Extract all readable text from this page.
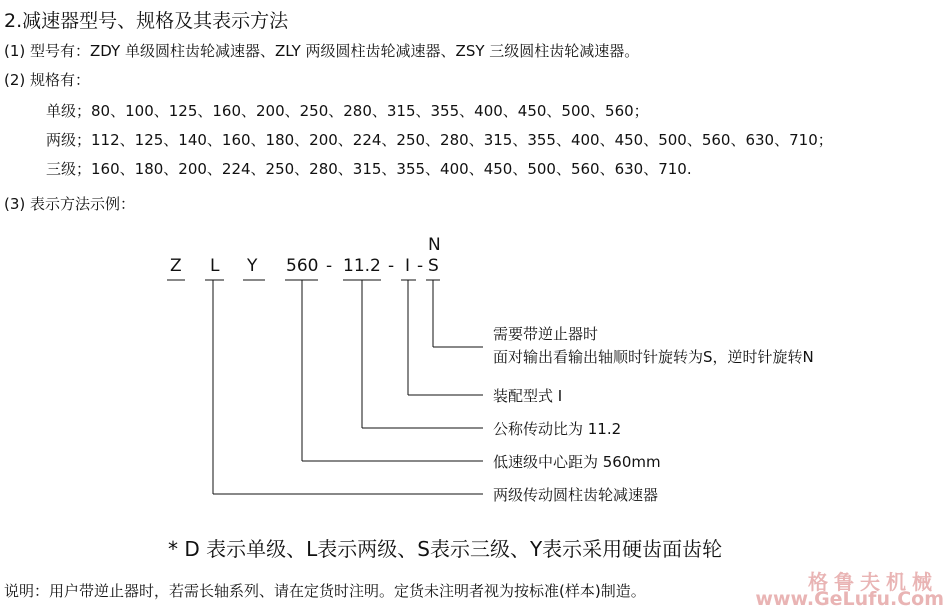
2.减速器型号、规格及其表示方法
(1) 型号有：ZDY 单级圆柱齿轮减速器、ZLY 两级圆柱齿轮减速器、ZSY 三级圆柱齿轮减速器。
(2) 规格有：
单级；80、100、125、160、200、250、280、315、355、400、450、500、560；
两级；112、125、140、160、180、200、224、250、280、315、355、400、450、500、560、630、710；
三级；160、180、200、224、250、280、315、355、400、450、500、560、630、710.
(3) 表示方法示例：
Z L Y 560 - 11.2 - I - S
N
需要带逆止器时
面对输出看输出轴顺时针旋转为S，逆时针旋转N
装配型式 I
公称传动比为 11.2
低速级中心距为 560mm
两级传动圆柱齿轮减速器
* D 表示单级、L表示两级、S表示三级、Y表示采用硬齿面齿轮
说明：用户带逆止器时，若需长轴系列、请在定货时注明。定货未注明者视为按标准(样本)制造。	格鲁夫机械
www.GeLufu.Com
